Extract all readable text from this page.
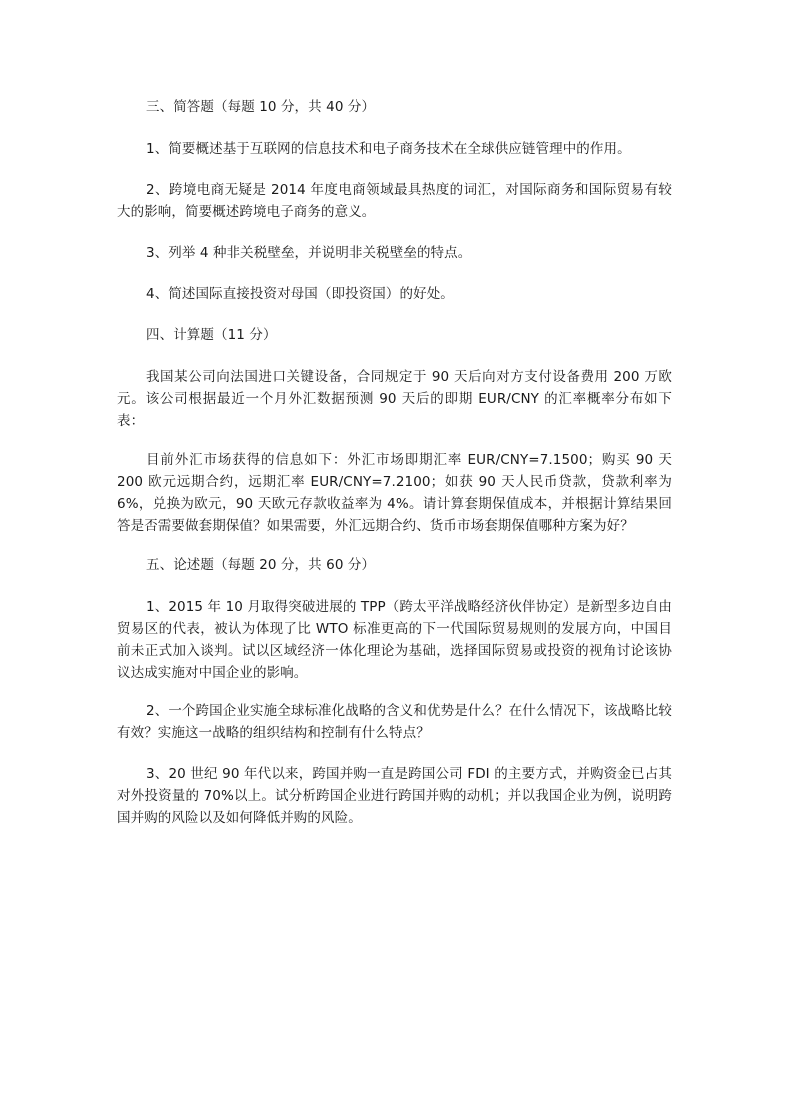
三、简答题（每题 10 分，共 40 分）

1、简要概述基于互联网的信息技术和电子商务技术在全球供应链管理中的作用。

2、跨境电商无疑是 2014 年度电商领域最具热度的词汇，对国际商务和国际贸易有较大的影响，简要概述跨境电子商务的意义。

3、列举 4 种非关税壁垒，并说明非关税壁垒的特点。

4、简述国际直接投资对母国（即投资国）的好处。

四、计算题（11 分）

我国某公司向法国进口关键设备，合同规定于 90 天后向对方支付设备费用 200 万欧元。该公司根据最近一个月外汇数据预测 90 天后的即期 EUR/CNY 的汇率概率分布如下表：

目前外汇市场获得的信息如下：外汇市场即期汇率 EUR/CNY=7.1500；购买 90 天 200 欧元远期合约，远期汇率 EUR/CNY=7.2100；如获 90 天人民币贷款，贷款利率为 6%，兑换为欧元，90 天欧元存款收益率为 4%。请计算套期保值成本，并根据计算结果回答是否需要做套期保值？如果需要，外汇远期合约、货币市场套期保值哪种方案为好？

五、论述题（每题 20 分，共 60 分）

1、2015 年 10 月取得突破进展的 TPP（跨太平洋战略经济伙伴协定）是新型多边自由贸易区的代表，被认为体现了比 WTO 标准更高的下一代国际贸易规则的发展方向，中国目前未正式加入谈判。试以区域经济一体化理论为基础，选择国际贸易或投资的视角讨论该协议达成实施对中国企业的影响。

2、一个跨国企业实施全球标准化战略的含义和优势是什么？在什么情况下，该战略比较有效？实施这一战略的组织结构和控制有什么特点？

3、20 世纪 90 年代以来，跨国并购一直是跨国公司 FDI 的主要方式，并购资金已占其对外投资量的 70%以上。试分析跨国企业进行跨国并购的动机；并以我国企业为例，说明跨国并购的风险以及如何降低并购的风险。
